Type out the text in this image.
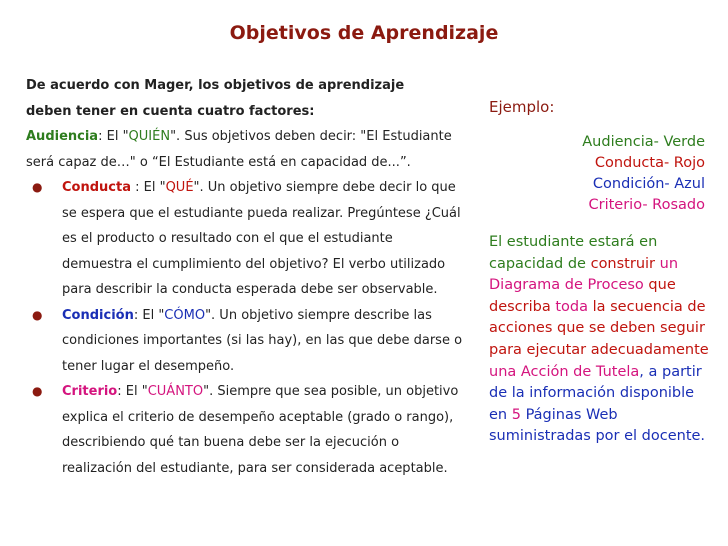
Objetivos de Aprendizaje

De acuerdo con Mager, los objetivos de aprendizaje

deben tener en cuenta cuatro factores:

Audiencia: El "QUIÉN". Sus objetivos deben decir: "El Estudiante será capaz de…" o “El Estudiante está en capacidad de...”.

● Conducta : El "QUÉ". Un objetivo siempre debe decir lo que se espera que el estudiante pueda realizar. Pregúntese ¿Cuál es el producto o resultado con el que el estudiante demuestra el cumplimiento del objetivo? El verbo utilizado para describir la conducta esperada debe ser observable.
● Condición: El "CÓMO". Un objetivo siempre describe las condiciones importantes (si las hay), en las que debe darse o tener lugar el desempeño.
● Criterio: El "CUÁNTO". Siempre que sea posible, un objetivo explica el criterio de desempeño aceptable (grado o rango), describiendo qué tan buena debe ser la ejecución o realización del estudiante, para ser considerada aceptable.

Ejemplo:

Audiencia- Verde
Conducta- Rojo
Condición- Azul
Criterio- Rosado
El estudiante estará en capacidad de construir un Diagrama de Proceso que describa toda la secuencia de acciones que se deben seguir para ejecutar adecuadamente una Acción de Tutela, a partir de la información disponible en 5 Páginas Web suministradas por el docente.
